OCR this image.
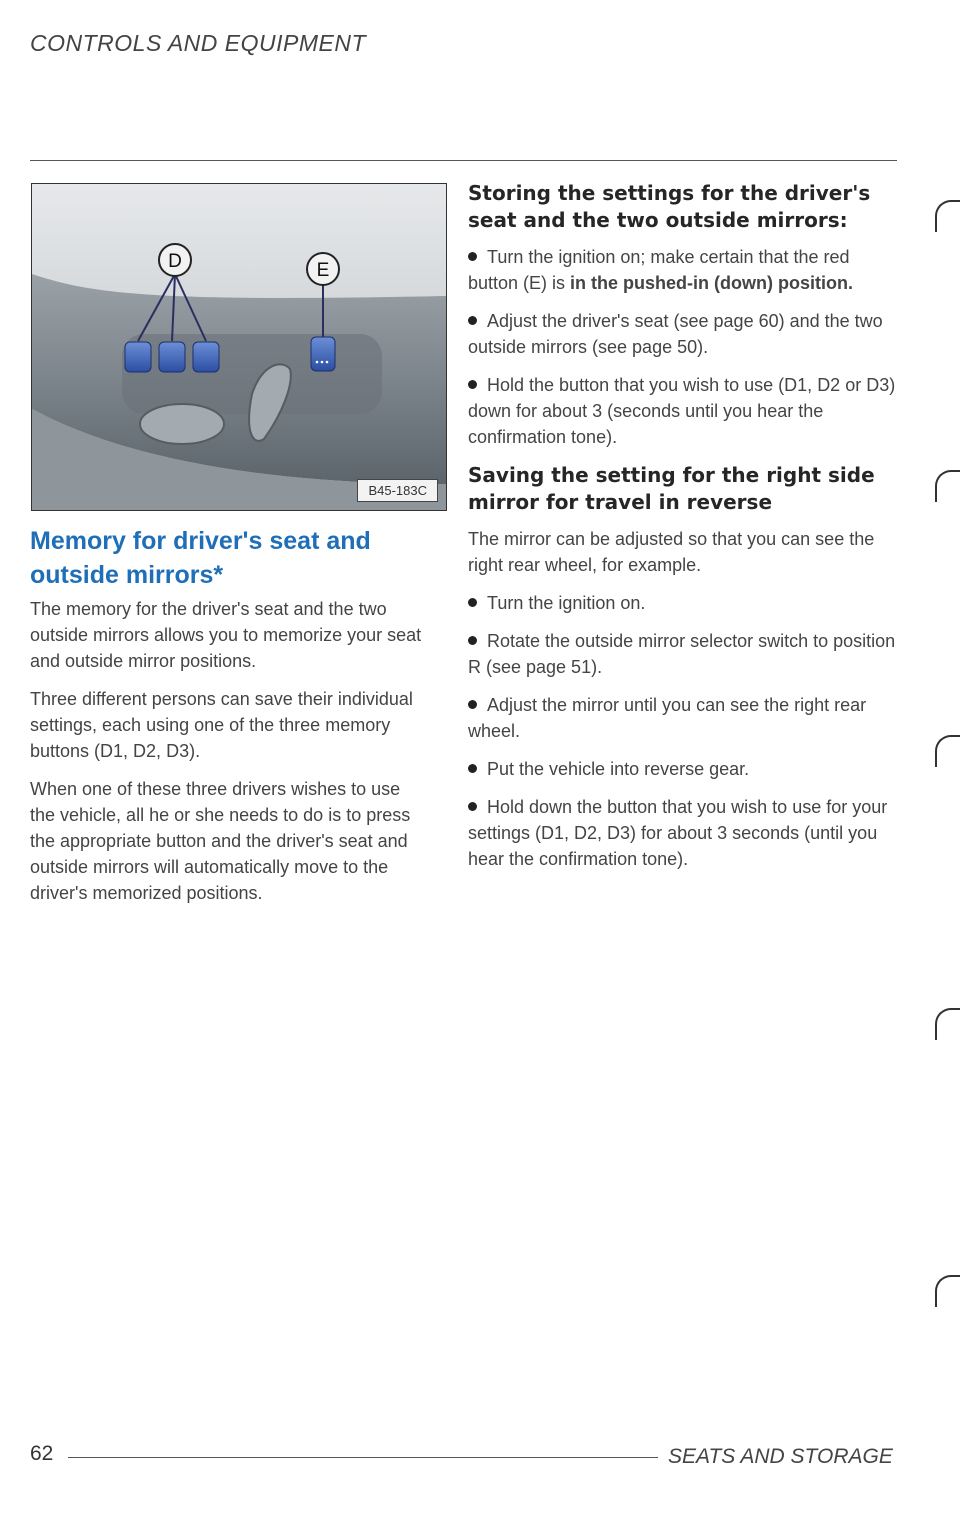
CONTROLS AND EQUIPMENT
D	E
B45-183C
Memory for driver's seat and outside mirrors*

The memory for the driver's seat and the two outside mirrors allows you to memorize your seat and outside mirror positions.

Three different persons can save their individual settings, each using one of the three memory buttons (D1, D2, D3).

When one of these three drivers wishes to use the vehicle, all he or she needs to do is to press the appropriate button and the driver's seat and outside mirrors will automatically move to the driver's memorized positions.

Storing the settings for the driver's seat and the two outside mirrors:
Turn the ignition on; make certain that the red button (E) is in the pushed-in (down) position.
Adjust the driver's seat (see page 60) and the two outside mirrors (see page 50).
Hold the button that you wish to use (D1, D2 or D3) down for about 3 (seconds until you hear the confirmation tone).
Saving the setting for the right side mirror for travel in reverse

The mirror can be adjusted so that you can see the right rear wheel, for example.

Turn the ignition on.
Rotate the outside mirror selector switch to position R (see page 51).
Adjust the mirror until you can see the right rear wheel.
Put the vehicle into reverse gear.
Hold down the button that you wish to use for your settings (D1, D2, D3) for about 3 seconds (until you hear the confirmation tone).
62	SEATS AND STORAGE
